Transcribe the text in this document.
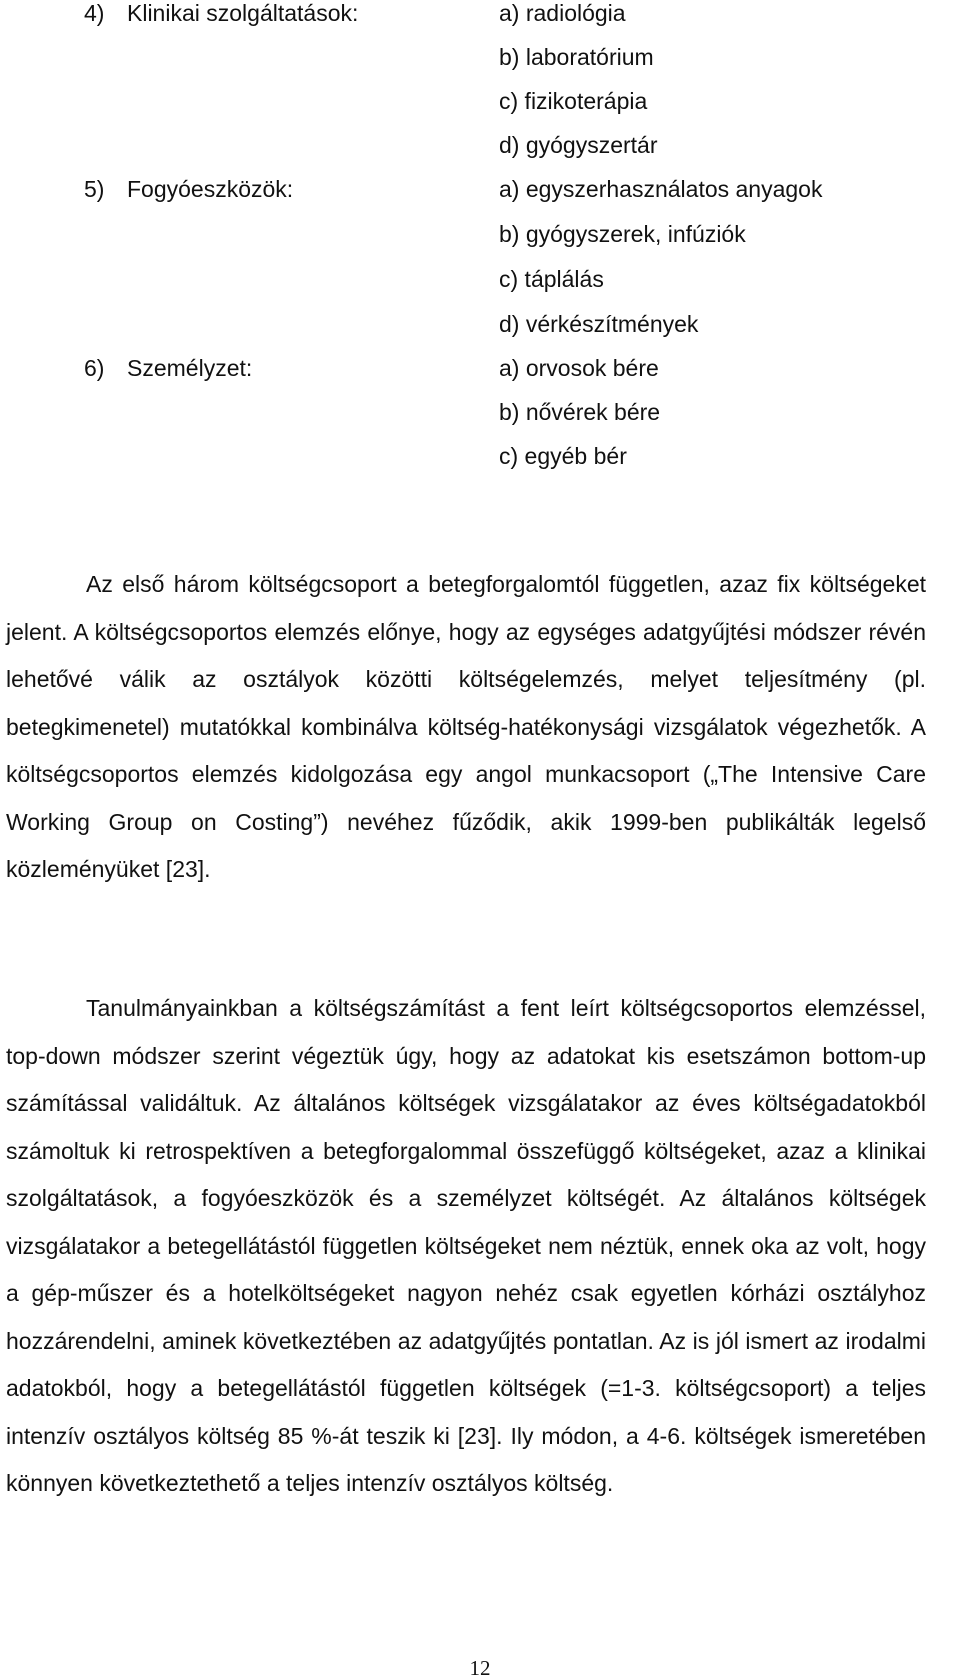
4) Klinikai szolgáltatások:	a) radiológia
b) laboratórium
c) fizikoterápia
d) gyógyszertár
5) Fogyóeszközök:	a) egyszerhasználatos anyagok
b) gyógyszerek, infúziók
c) táplálás
d) vérkészítmények
6) Személyzet:	a) orvosok bére
b) nővérek bére
c) egyéb bér

Az első három költségcsoport a betegforgalomtól független, azaz fix költségeket jelent. A költségcsoportos elemzés előnye, hogy az egységes adatgyűjtési módszer révén lehetővé válik az osztályok közötti költségelemzés, melyet teljesítmény (pl. betegkimenetel) mutatókkal kombinálva költség-hatékonysági vizsgálatok végezhetők. A költségcsoportos elemzés kidolgozása egy angol munkacsoport („The Intensive Care Working Group on Costing”) nevéhez fűződik, akik 1999-ben publikálták legelső közleményüket [23].

Tanulmányainkban a költségszámítást a fent leírt költségcsoportos elemzéssel, top-down módszer szerint végeztük úgy, hogy az adatokat kis esetszámon bottom-up számítással validáltuk. Az általános költségek vizsgálatakor az éves költségadatokból számoltuk ki retrospektíven a betegforgalommal összefüggő költségeket, azaz a klinikai szolgáltatások, a fogyóeszközök és a személyzet költségét. Az általános költségek vizsgálatakor a betegellátástól független költségeket nem néztük, ennek oka az volt, hogy a gép-műszer és a hotelköltségeket nagyon nehéz csak egyetlen kórházi osztályhoz hozzárendelni, aminek következtében az adatgyűjtés pontatlan. Az is jól ismert az irodalmi adatokból, hogy a betegellátástól független költségek (=1-3. költségcsoport) a teljes intenzív osztályos költség 85 %-át teszik ki [23]. Ily módon, a 4-6. költségek ismeretében könnyen következtethető a teljes intenzív osztályos költség.

12
